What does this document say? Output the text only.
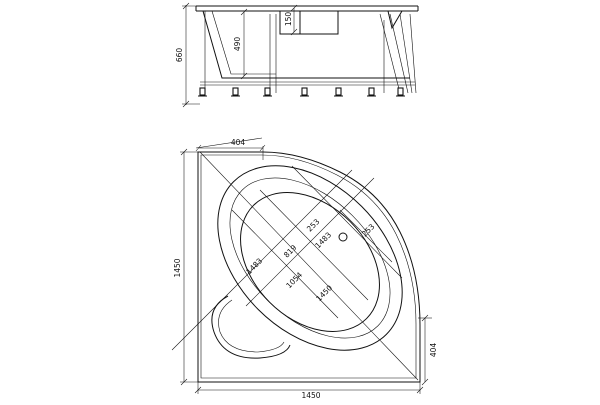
660
490
150
404
404
1450
1450
1483
819
1054
1450
253
1483
253
